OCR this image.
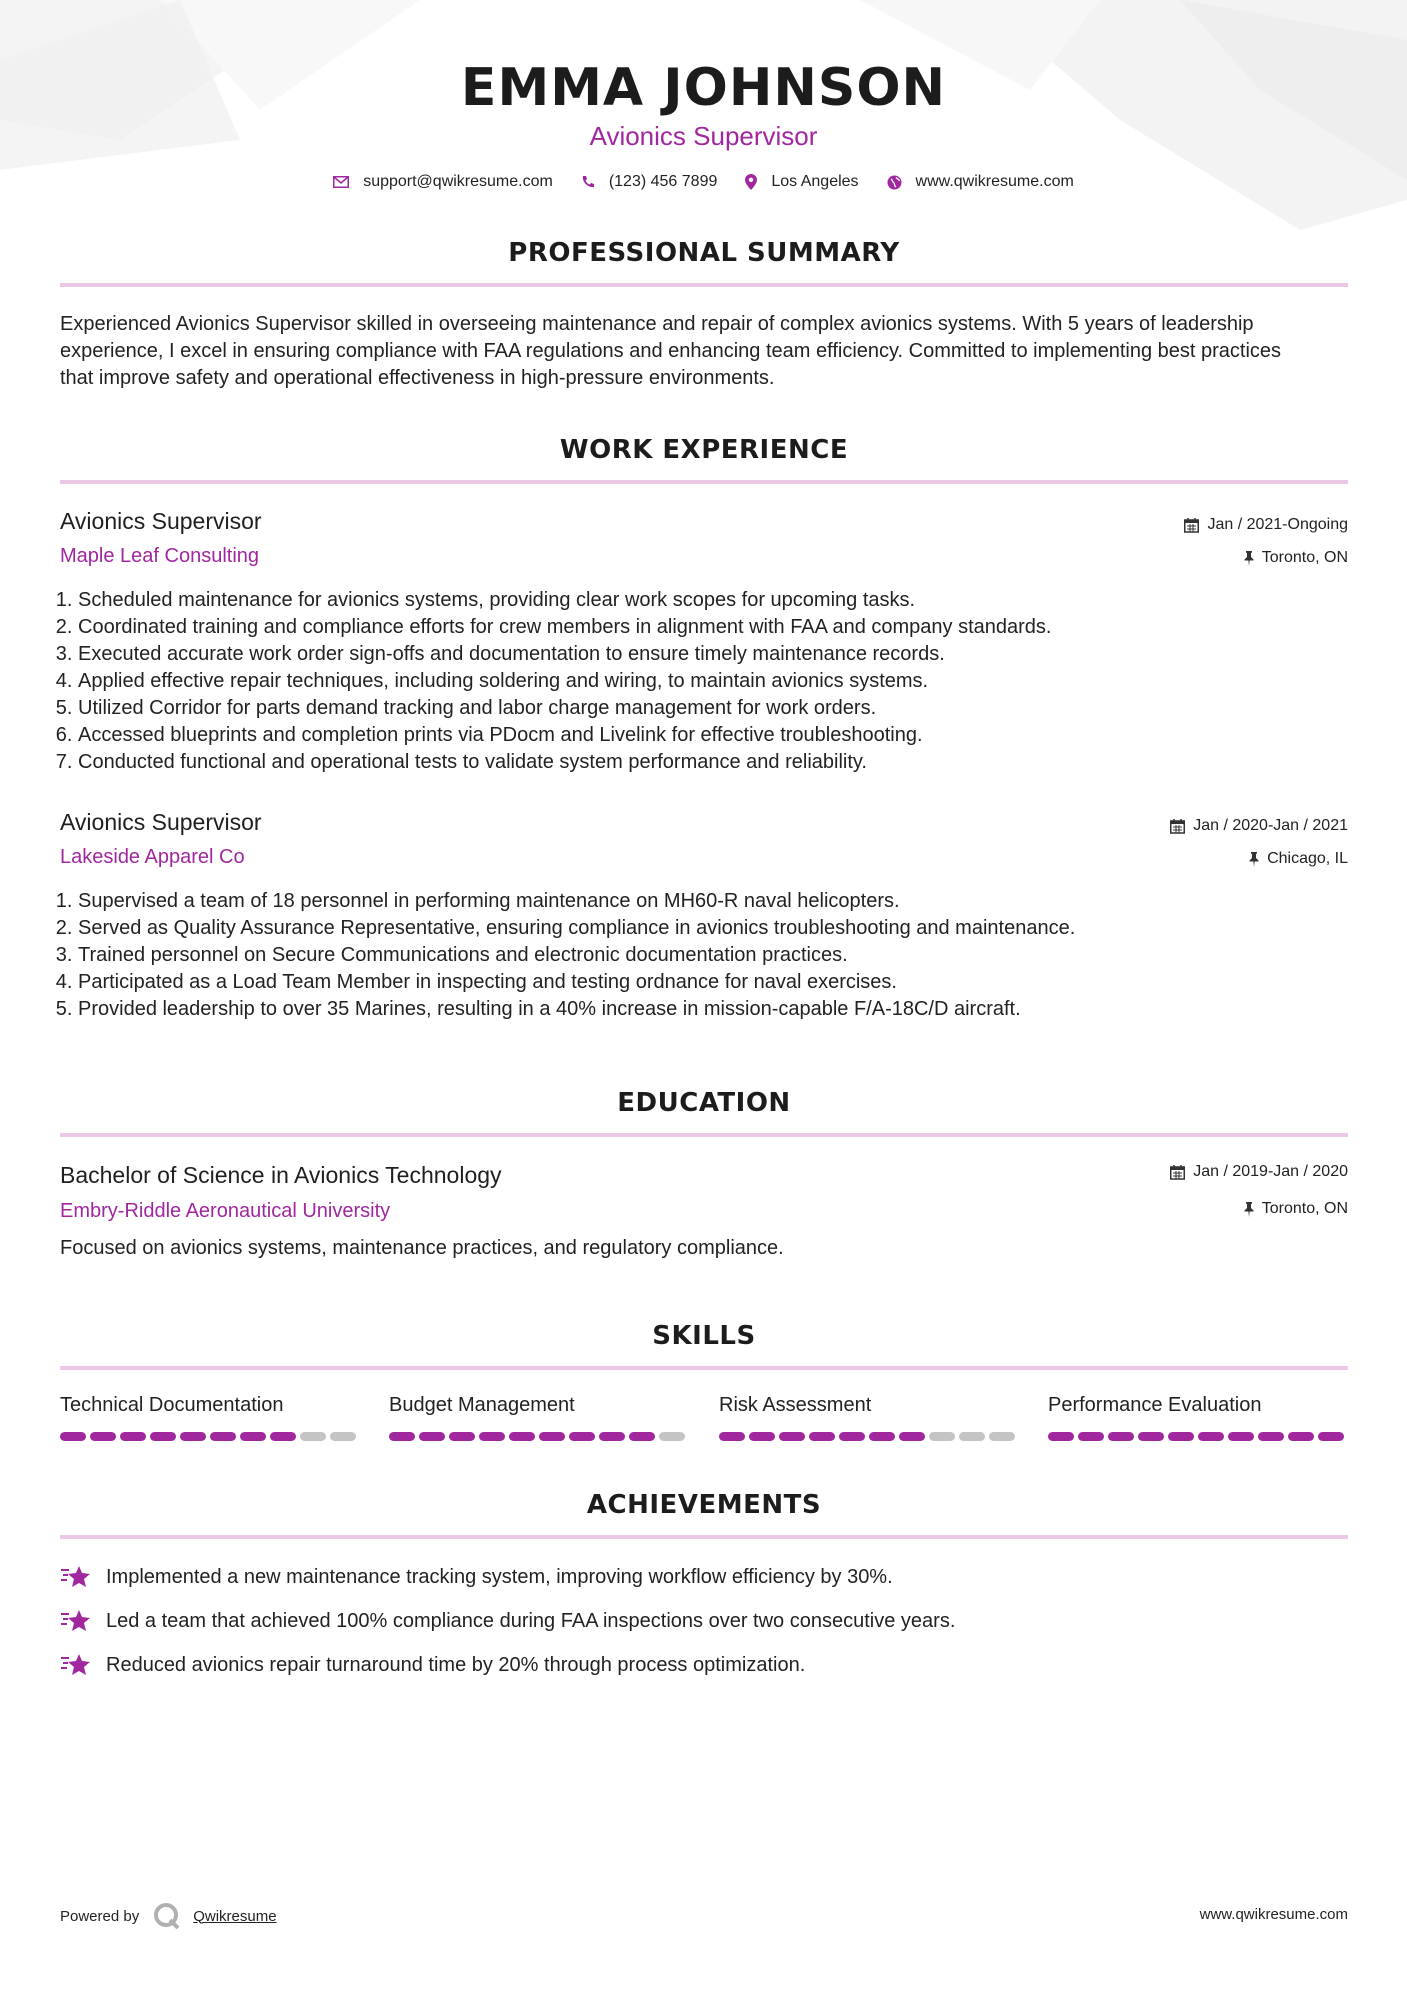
EMMA JOHNSON
Avionics Supervisor
support@qwikresume.com	(123) 456 7899	Los Angeles	www.qwikresume.com
PROFESSIONAL SUMMARY
Experienced Avionics Supervisor skilled in overseeing maintenance and repair of complex avionics systems. With 5 years of leadership
experience, I excel in ensuring compliance with FAA regulations and enhancing team efficiency. Committed to implementing best practices
that improve safety and operational effectiveness in high-pressure environments.
WORK EXPERIENCE
Avionics Supervisor
Maple Leaf Consulting
Jan / 2021-Ongoing
Toronto, ON
1. Scheduled maintenance for avionics systems, providing clear work scopes for upcoming tasks.
2. Coordinated training and compliance efforts for crew members in alignment with FAA and company standards.
3. Executed accurate work order sign-offs and documentation to ensure timely maintenance records.
4. Applied effective repair techniques, including soldering and wiring, to maintain avionics systems.
5. Utilized Corridor for parts demand tracking and labor charge management for work orders.
6. Accessed blueprints and completion prints via PDocm and Livelink for effective troubleshooting.
7. Conducted functional and operational tests to validate system performance and reliability.
Avionics Supervisor
Lakeside Apparel Co
Jan / 2020-Jan / 2021
Chicago, IL
1. Supervised a team of 18 personnel in performing maintenance on MH60-R naval helicopters.
2. Served as Quality Assurance Representative, ensuring compliance in avionics troubleshooting and maintenance.
3. Trained personnel on Secure Communications and electronic documentation practices.
4. Participated as a Load Team Member in inspecting and testing ordnance for naval exercises.
5. Provided leadership to over 35 Marines, resulting in a 40% increase in mission-capable F/A-18C/D aircraft.
EDUCATION
Bachelor of Science in Avionics Technology
Embry-Riddle Aeronautical University
Jan / 2019-Jan / 2020
Toronto, ON
Focused on avionics systems, maintenance practices, and regulatory compliance.
SKILLS
Technical Documentation	Budget Management	Risk Assessment	Performance Evaluation
ACHIEVEMENTS
Implemented a new maintenance tracking system, improving workflow efficiency by 30%.
Led a team that achieved 100% compliance during FAA inspections over two consecutive years.
Reduced avionics repair turnaround time by 20% through process optimization.
Powered by	Qwikresume	www.qwikresume.com
